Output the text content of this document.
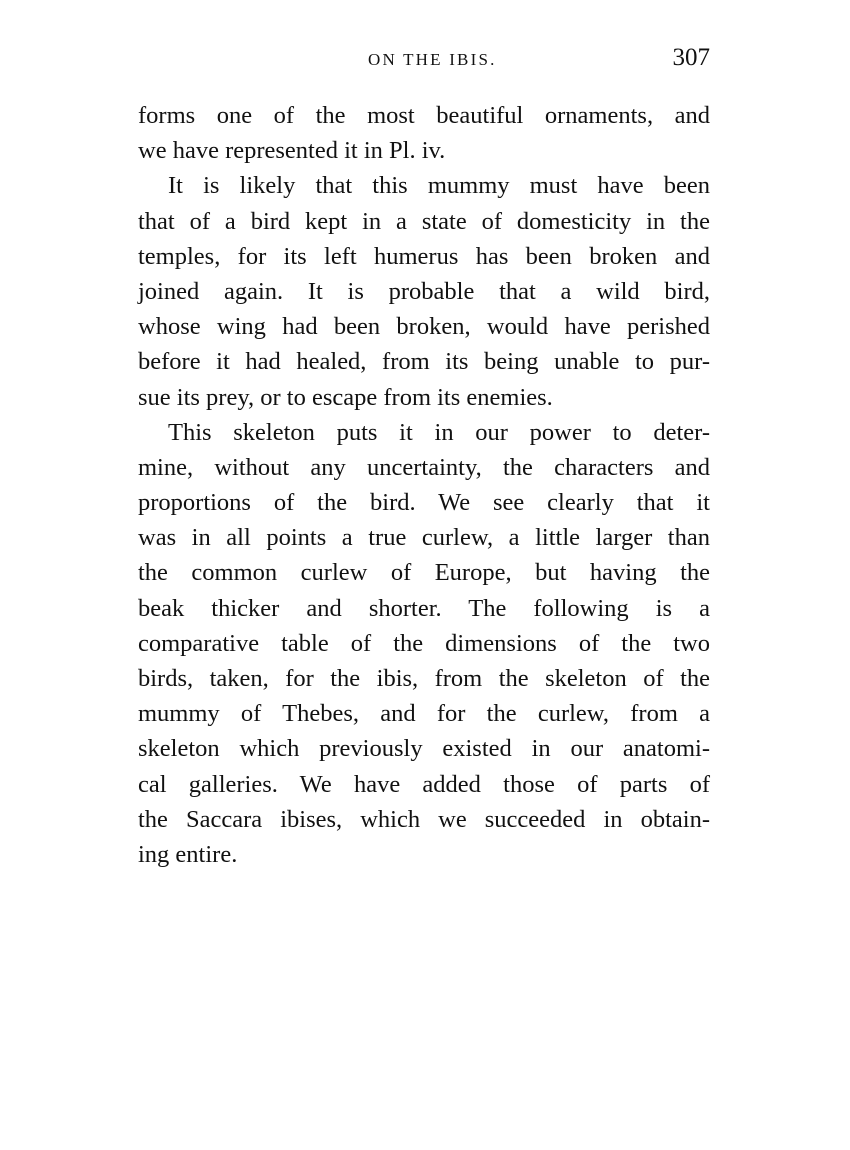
ON THE IBIS.	307
forms one of the most beautiful ornaments, and
we have represented it in Pl. iv.
It is likely that this mummy must have been
that of a bird kept in a state of domesticity in the
temples, for its left humerus has been broken and
joined again. It is probable that a wild bird,
whose wing had been broken, would have perished
before it had healed, from its being unable to pur-
sue its prey, or to escape from its enemies.
This skeleton puts it in our power to deter-
mine, without any uncertainty, the characters and
proportions of the bird. We see clearly that it
was in all points a true curlew, a little larger than
the common curlew of Europe, but having the
beak thicker and shorter. The following is a
comparative table of the dimensions of the two
birds, taken, for the ibis, from the skeleton of the
mummy of Thebes, and for the curlew, from a
skeleton which previously existed in our anatomi-
cal galleries. We have added those of parts of
the Saccara ibises, which we succeeded in obtain-
ing entire.
